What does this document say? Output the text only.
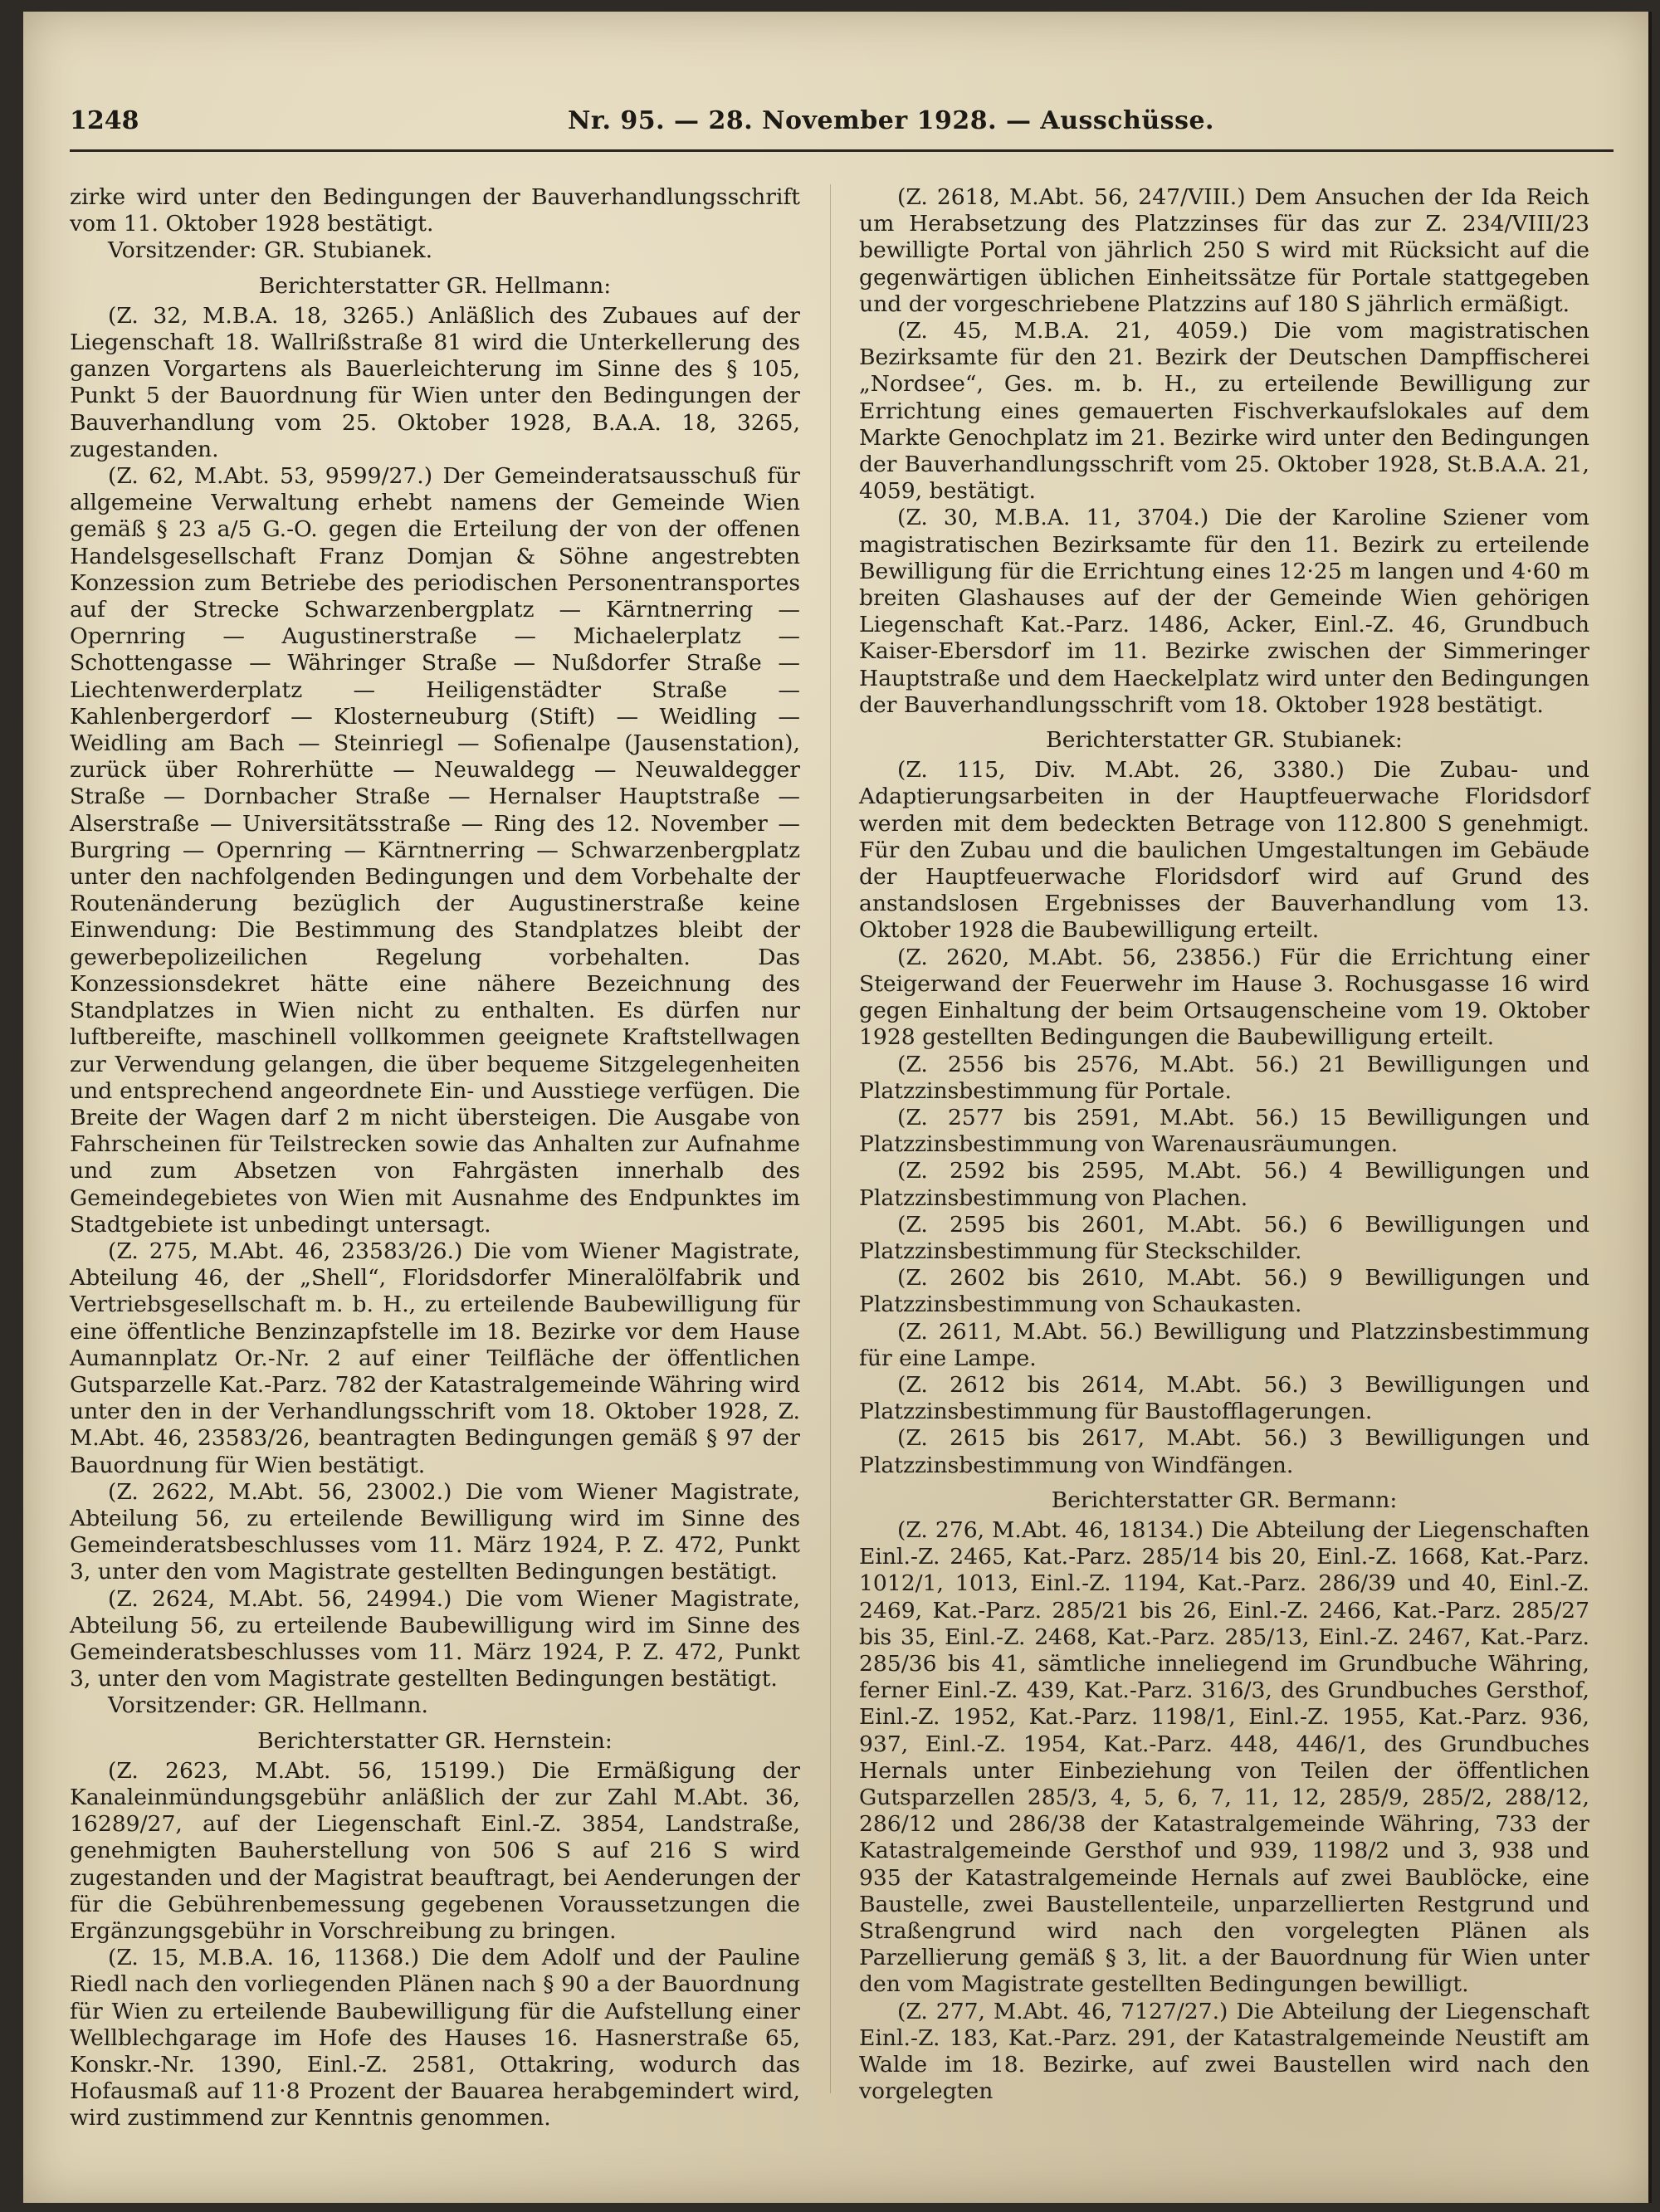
1248	Nr. 95. — 28. November 1928. — Ausschüsse.

zirke wird unter den Bedingungen der Bauverhandlungsschrift vom 11. Oktober 1928 bestätigt.

Vorsitzender: GR. Stubianek.

Berichterstatter GR. Hellmann:

(Z. 32, M.B.A. 18, 3265.) Anläßlich des Zubaues auf der Liegenschaft 18. Wallrißstraße 81 wird die Unterkellerung des ganzen Vorgartens als Bauerleichterung im Sinne des § 105, Punkt 5 der Bauordnung für Wien unter den Bedingungen der Bauverhandlung vom 25. Oktober 1928, B.A.A. 18, 3265, zugestanden.

(Z. 62, M.Abt. 53, 9599/27.) Der Gemeinderatsausschuß für allgemeine Verwaltung erhebt namens der Gemeinde Wien gemäß § 23 a/5 G.-O. gegen die Erteilung der von der offenen Handelsgesellschaft Franz Domjan & Söhne angestrebten Konzession zum Betriebe des periodischen Personentransportes auf der Strecke Schwarzenbergplatz — Kärntnerring — Opernring — Augustinerstraße — Michaelerplatz — Schottengasse — Währinger Straße — Nußdorfer Straße — Liechtenwerderplatz — Heiligenstädter Straße — Kahlenbergerdorf — Klosterneuburg (Stift) — Weidling — Weidling am Bach — Steinriegl — Sofienalpe (Jausenstation), zurück über Rohrerhütte — Neuwaldegg — Neuwaldegger Straße — Dornbacher Straße — Hernalser Hauptstraße — Alserstraße — Universitätsstraße — Ring des 12. November — Burgring — Opernring — Kärntnerring — Schwarzenbergplatz unter den nachfolgenden Bedingungen und dem Vorbehalte der Routenänderung bezüglich der Augustinerstraße keine Einwendung: Die Bestimmung des Standplatzes bleibt der gewerbepolizeilichen Regelung vorbehalten. Das Konzessionsdekret hätte eine nähere Bezeichnung des Standplatzes in Wien nicht zu enthalten. Es dürfen nur luftbereifte, maschinell vollkommen geeignete Kraftstellwagen zur Verwendung gelangen, die über bequeme Sitzgelegenheiten und entsprechend angeordnete Ein- und Ausstiege verfügen. Die Breite der Wagen darf 2 m nicht übersteigen. Die Ausgabe von Fahrscheinen für Teilstrecken sowie das Anhalten zur Aufnahme und zum Absetzen von Fahrgästen innerhalb des Gemeindegebietes von Wien mit Ausnahme des Endpunktes im Stadtgebiete ist unbedingt untersagt.

(Z. 275, M.Abt. 46, 23583/26.) Die vom Wiener Magistrate, Abteilung 46, der „Shell“, Floridsdorfer Mineralölfabrik und Vertriebsgesellschaft m. b. H., zu erteilende Baubewilligung für eine öffentliche Benzinzapfstelle im 18. Bezirke vor dem Hause Aumannplatz Or.-Nr. 2 auf einer Teilfläche der öffentlichen Gutsparzelle Kat.-Parz. 782 der Katastralgemeinde Währing wird unter den in der Verhandlungsschrift vom 18. Oktober 1928, Z. M.Abt. 46, 23583/26, beantragten Bedingungen gemäß § 97 der Bauordnung für Wien bestätigt.

(Z. 2622, M.Abt. 56, 23002.) Die vom Wiener Magistrate, Abteilung 56, zu erteilende Bewilligung wird im Sinne des Gemeinderatsbeschlusses vom 11. März 1924, P. Z. 472, Punkt 3, unter den vom Magistrate gestellten Bedingungen bestätigt.

(Z. 2624, M.Abt. 56, 24994.) Die vom Wiener Magistrate, Abteilung 56, zu erteilende Baubewilligung wird im Sinne des Gemeinderatsbeschlusses vom 11. März 1924, P. Z. 472, Punkt 3, unter den vom Magistrate gestellten Bedingungen bestätigt.

Vorsitzender: GR. Hellmann.

Berichterstatter GR. Hernstein:

(Z. 2623, M.Abt. 56, 15199.) Die Ermäßigung der Kanaleinmündungsgebühr anläßlich der zur Zahl M.Abt. 36, 16289/27, auf der Liegenschaft Einl.-Z. 3854, Landstraße, genehmigten Bauherstellung von 506 S auf 216 S wird zugestanden und der Magistrat beauftragt, bei Aenderungen der für die Gebührenbemessung gegebenen Voraussetzungen die Ergänzungsgebühr in Vorschreibung zu bringen.

(Z. 15, M.B.A. 16, 11368.) Die dem Adolf und der Pauline Riedl nach den vorliegenden Plänen nach § 90 a der Bauordnung für Wien zu erteilende Baubewilligung für die Aufstellung einer Wellblechgarage im Hofe des Hauses 16. Hasnerstraße 65, Konskr.-Nr. 1390, Einl.-Z. 2581, Ottakring, wodurch das Hofausmaß auf 11·8 Prozent der Bauarea herabgemindert wird, wird zustimmend zur Kenntnis genommen.

(Z. 2618, M.Abt. 56, 247/VIII.) Dem Ansuchen der Ida Reich um Herabsetzung des Platzzinses für das zur Z. 234/VIII/23 bewilligte Portal von jährlich 250 S wird mit Rücksicht auf die gegenwärtigen üblichen Einheitssätze für Portale stattgegeben und der vorgeschriebene Platzzins auf 180 S jährlich ermäßigt.

(Z. 45, M.B.A. 21, 4059.) Die vom magistratischen Bezirksamte für den 21. Bezirk der Deutschen Dampffischerei „Nordsee“, Ges. m. b. H., zu erteilende Bewilligung zur Errichtung eines gemauerten Fischverkaufslokales auf dem Markte Genochplatz im 21. Bezirke wird unter den Bedingungen der Bauverhandlungsschrift vom 25. Oktober 1928, St.B.A.A. 21, 4059, bestätigt.

(Z. 30, M.B.A. 11, 3704.) Die der Karoline Sziener vom magistratischen Bezirksamte für den 11. Bezirk zu erteilende Bewilligung für die Errichtung eines 12·25 m langen und 4·60 m breiten Glashauses auf der der Gemeinde Wien gehörigen Liegenschaft Kat.-Parz. 1486, Acker, Einl.-Z. 46, Grundbuch Kaiser-Ebersdorf im 11. Bezirke zwischen der Simmeringer Hauptstraße und dem Haeckelplatz wird unter den Bedingungen der Bauverhandlungsschrift vom 18. Oktober 1928 bestätigt.

Berichterstatter GR. Stubianek:

(Z. 115, Div. M.Abt. 26, 3380.) Die Zubau- und Adaptierungsarbeiten in der Hauptfeuerwache Floridsdorf werden mit dem bedeckten Betrage von 112.800 S genehmigt. Für den Zubau und die baulichen Umgestaltungen im Gebäude der Hauptfeuerwache Floridsdorf wird auf Grund des anstandslosen Ergebnisses der Bauverhandlung vom 13. Oktober 1928 die Baubewilligung erteilt.

(Z. 2620, M.Abt. 56, 23856.) Für die Errichtung einer Steigerwand der Feuerwehr im Hause 3. Rochusgasse 16 wird gegen Einhaltung der beim Ortsaugenscheine vom 19. Oktober 1928 gestellten Bedingungen die Baubewilligung erteilt.

(Z. 2556 bis 2576, M.Abt. 56.) 21 Bewilligungen und Platzzinsbestimmung für Portale.

(Z. 2577 bis 2591, M.Abt. 56.) 15 Bewilligungen und Platzzinsbestimmung von Warenausräumungen.

(Z. 2592 bis 2595, M.Abt. 56.) 4 Bewilligungen und Platzzinsbestimmung von Plachen.

(Z. 2595 bis 2601, M.Abt. 56.) 6 Bewilligungen und Platzzinsbestimmung für Steckschilder.

(Z. 2602 bis 2610, M.Abt. 56.) 9 Bewilligungen und Platzzinsbestimmung von Schaukasten.

(Z. 2611, M.Abt. 56.) Bewilligung und Platzzinsbestimmung für eine Lampe.

(Z. 2612 bis 2614, M.Abt. 56.) 3 Bewilligungen und Platzzinsbestimmung für Baustofflagerungen.

(Z. 2615 bis 2617, M.Abt. 56.) 3 Bewilligungen und Platzzinsbestimmung von Windfängen.

Berichterstatter GR. Bermann:

(Z. 276, M.Abt. 46, 18134.) Die Abteilung der Liegenschaften Einl.-Z. 2465, Kat.-Parz. 285/14 bis 20, Einl.-Z. 1668, Kat.-Parz. 1012/1, 1013, Einl.-Z. 1194, Kat.-Parz. 286/39 und 40, Einl.-Z. 2469, Kat.-Parz. 285/21 bis 26, Einl.-Z. 2466, Kat.-Parz. 285/27 bis 35, Einl.-Z. 2468, Kat.-Parz. 285/13, Einl.-Z. 2467, Kat.-Parz. 285/36 bis 41, sämtliche inneliegend im Grundbuche Währing, ferner Einl.-Z. 439, Kat.-Parz. 316/3, des Grundbuches Gersthof, Einl.-Z. 1952, Kat.-Parz. 1198/1, Einl.-Z. 1955, Kat.-Parz. 936, 937, Einl.-Z. 1954, Kat.-Parz. 448, 446/1, des Grundbuches Hernals unter Einbeziehung von Teilen der öffentlichen Gutsparzellen 285/3, 4, 5, 6, 7, 11, 12, 285/9, 285/2, 288/12, 286/12 und 286/38 der Katastralgemeinde Währing, 733 der Katastralgemeinde Gersthof und 939, 1198/2 und 3, 938 und 935 der Katastralgemeinde Hernals auf zwei Baublöcke, eine Baustelle, zwei Baustellenteile, unparzellierten Restgrund und Straßengrund wird nach den vorgelegten Plänen als Parzellierung gemäß § 3, lit. a der Bauordnung für Wien unter den vom Magistrate gestellten Bedingungen bewilligt.

(Z. 277, M.Abt. 46, 7127/27.) Die Abteilung der Liegenschaft Einl.-Z. 183, Kat.-Parz. 291, der Katastralgemeinde Neustift am Walde im 18. Bezirke, auf zwei Baustellen wird nach den vorgelegten
